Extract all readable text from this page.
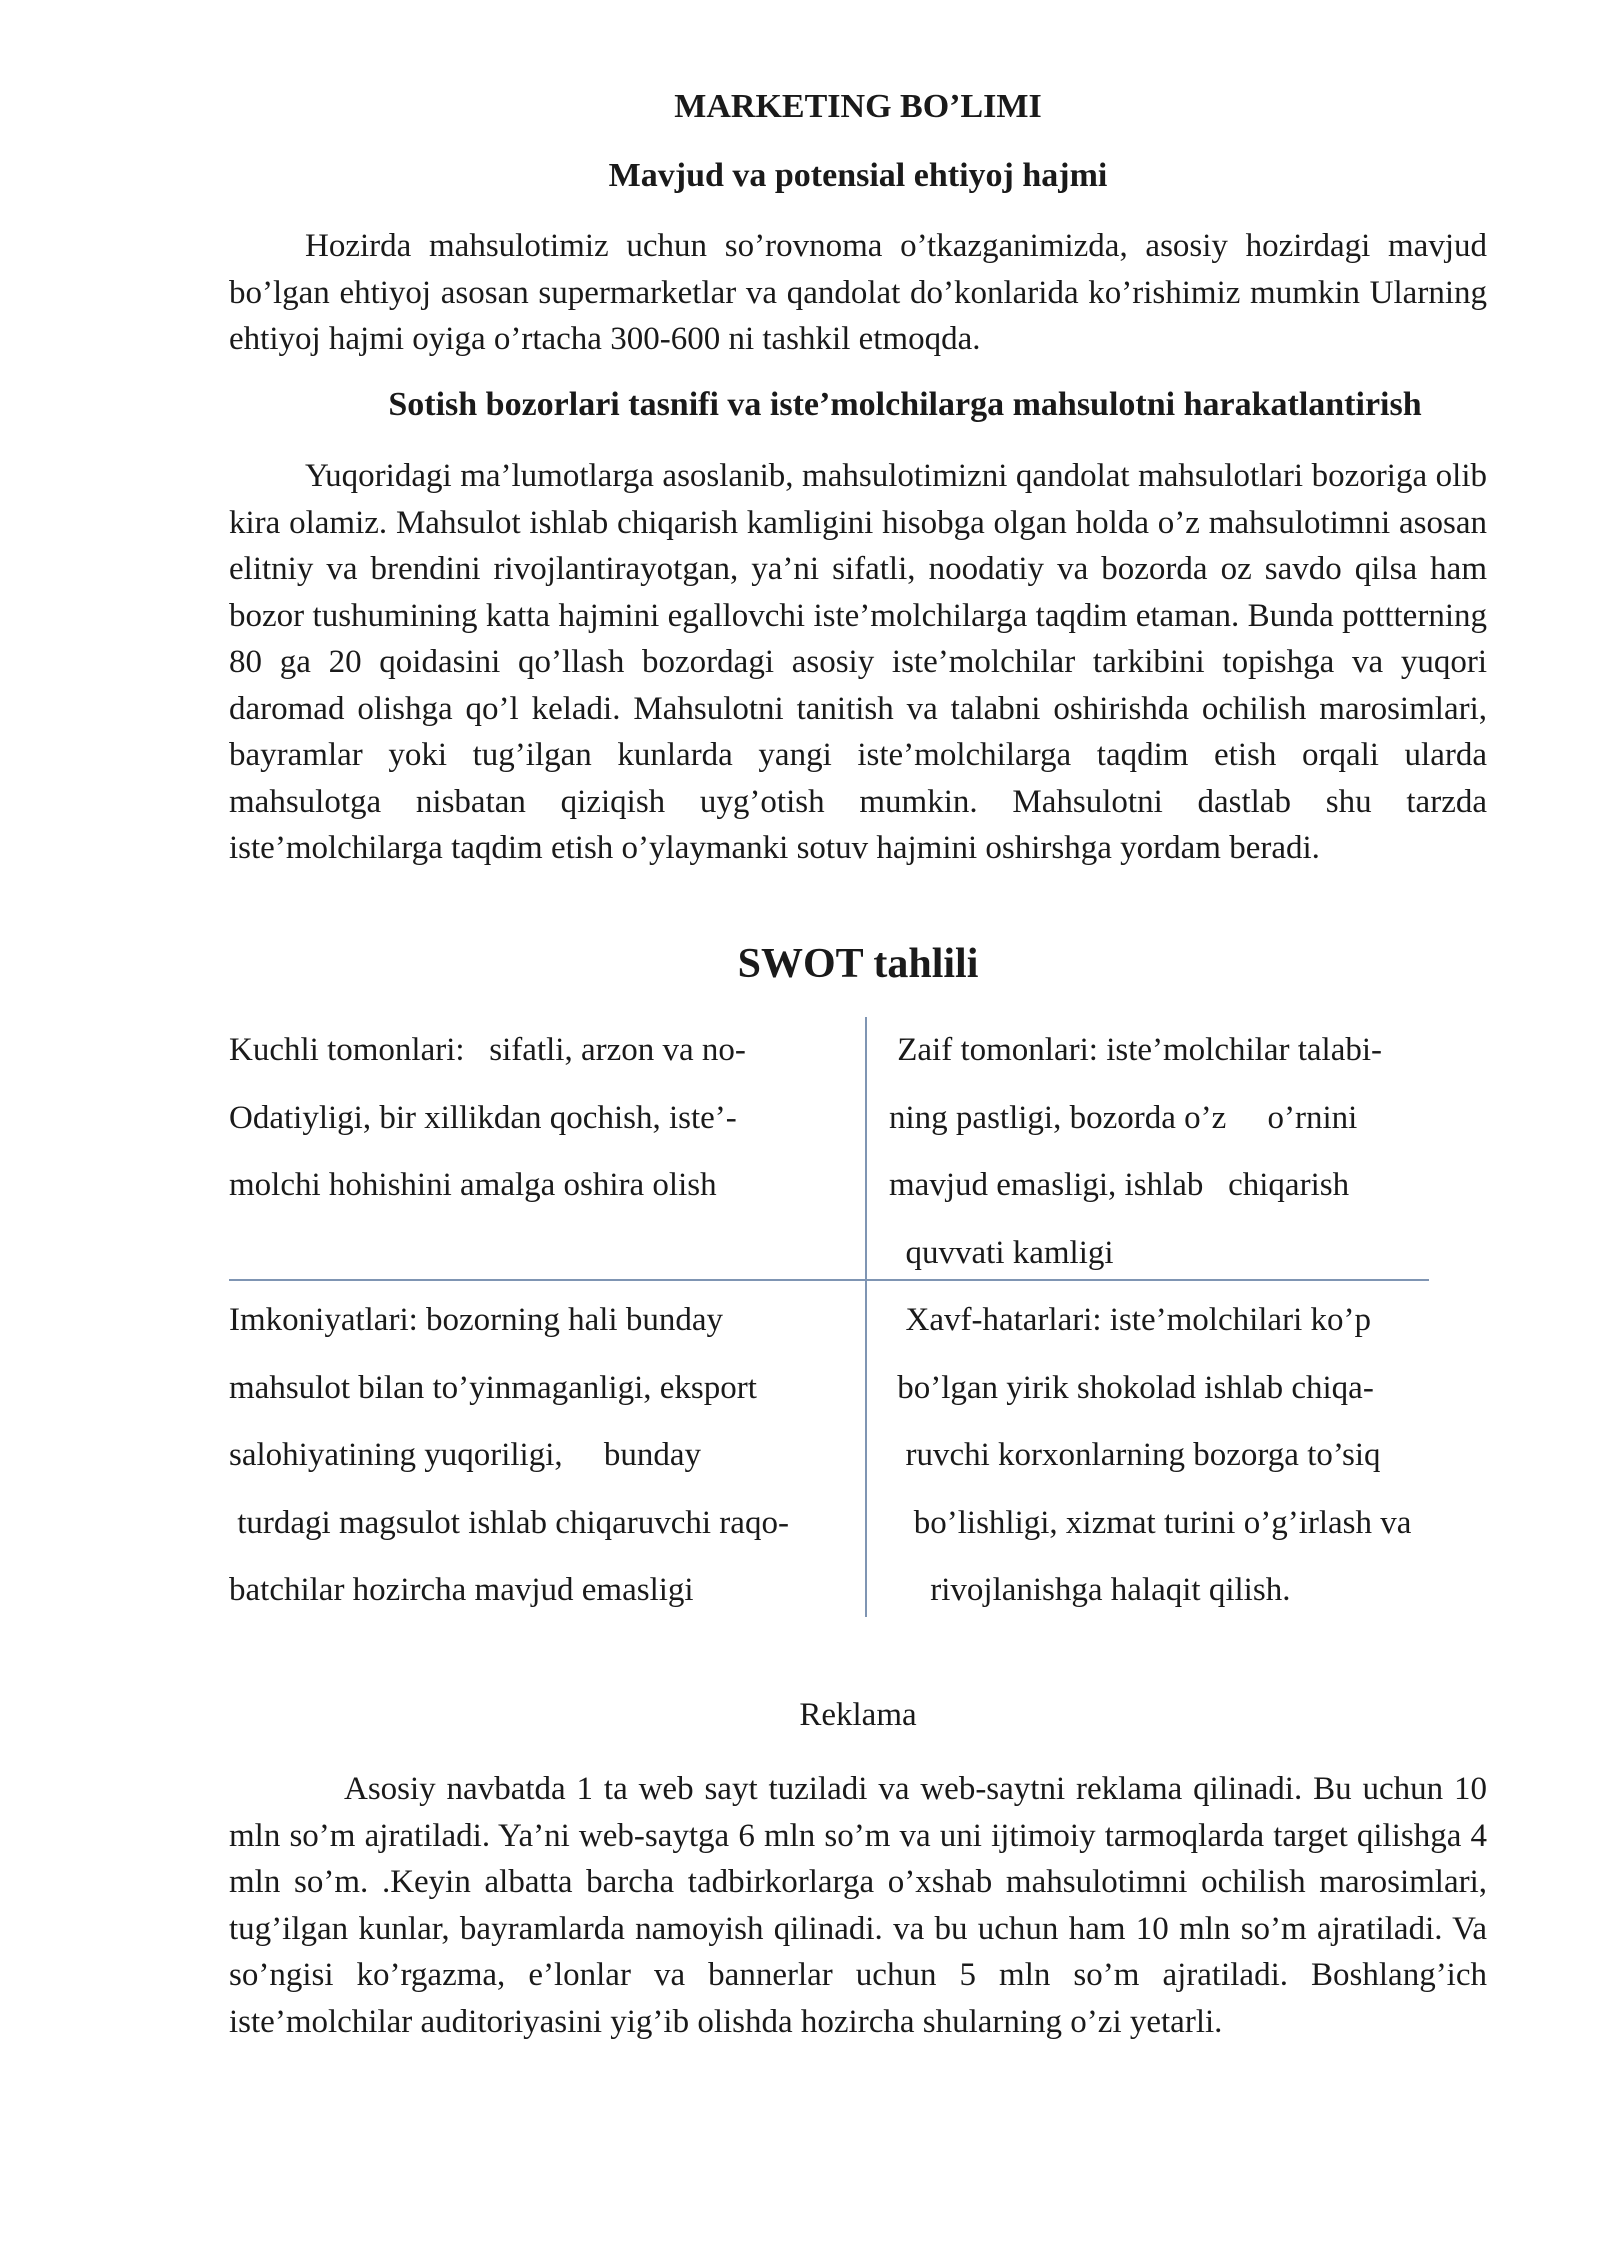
MARKETING BO’LIMI
Mavjud va potensial ehtiyoj hajmi
Hozirda mahsulotimiz uchun so’rovnoma o’tkazganimizda, asosiy hozirdagi mavjud bo’lgan ehtiyoj asosan supermarketlar va qandolat do’konlarida ko’rishimiz mumkin Ularning ehtiyoj hajmi oyiga o’rtacha 300-600 ni tashkil etmoqda.
Sotish bozorlari tasnifi va iste’molchilarga mahsulotni harakatlantirish
Yuqoridagi ma’lumotlarga asoslanib, mahsulotimizni qandolat mahsulotlari bozoriga olib kira olamiz. Mahsulot ishlab chiqarish kamligini hisobga olgan holda o’z mahsulotimni asosan elitniy va brendini rivojlantirayotgan, ya’ni sifatli, noodatiy va bozorda oz savdo qilsa ham bozor tushumining katta hajmini egallovchi iste’molchilarga taqdim etaman. Bunda pottterning 80 ga 20 qoidasini qo’llash bozordagi asosiy iste’molchilar tarkibini topishga va yuqori daromad olishga qo’l keladi. Mahsulotni tanitish va talabni oshirishda ochilish marosimlari, bayramlar yoki tug’ilgan kunlarda yangi iste’molchilarga taqdim etish orqali ularda mahsulotga nisbatan qiziqish uyg’otish mumkin. Mahsulotni dastlab shu tarzda iste’molchilarga taqdim etish o’ylaymanki sotuv hajmini oshirshga yordam beradi.
SWOT tahlili
Kuchli tomonlari:   sifatli, arzon va no-
Odatiyligi, bir xillikdan qochish, iste’-
molchi hohishini amalga oshira olish
Zaif tomonlari: iste’molchilar talabi-
ning pastligi, bozorda o’z     o’rnini
mavjud emasligi, ishlab   chiqarish
quvvati kamligi
Imkoniyatlari: bozorning hali bunday
mahsulot bilan to’yinmaganligi, eksport
salohiyatining yuqoriligi,     bunday
turdagi magsulot ishlab chiqaruvchi raqo-
batchilar hozircha mavjud emasligi
Xavf-hatarlari: iste’molchilari ko’p
bo’lgan yirik shokolad ishlab chiqa-
ruvchi korxonlarning bozorga to’siq
bo’lishligi, xizmat turini o’g’irlash va
rivojlanishga halaqit qilish.
Reklama
Asosiy navbatda 1 ta web sayt tuziladi va web-saytni reklama qilinadi. Bu uchun 10 mln so’m ajratiladi. Ya’ni web-saytga 6 mln so’m va uni ijtimoiy tarmoqlarda target qilishga 4 mln so’m. .Keyin albatta barcha tadbirkorlarga o’xshab mahsulotimni ochilish marosimlari, tug’ilgan kunlar, bayramlarda namoyish qilinadi. va bu uchun ham 10 mln so’m ajratiladi. Va so’ngisi ko’rgazma, e’lonlar va bannerlar uchun 5 mln so’m ajratiladi. Boshlang’ich iste’molchilar auditoriyasini yig’ib olishda hozircha shularning o’zi yetarli.
